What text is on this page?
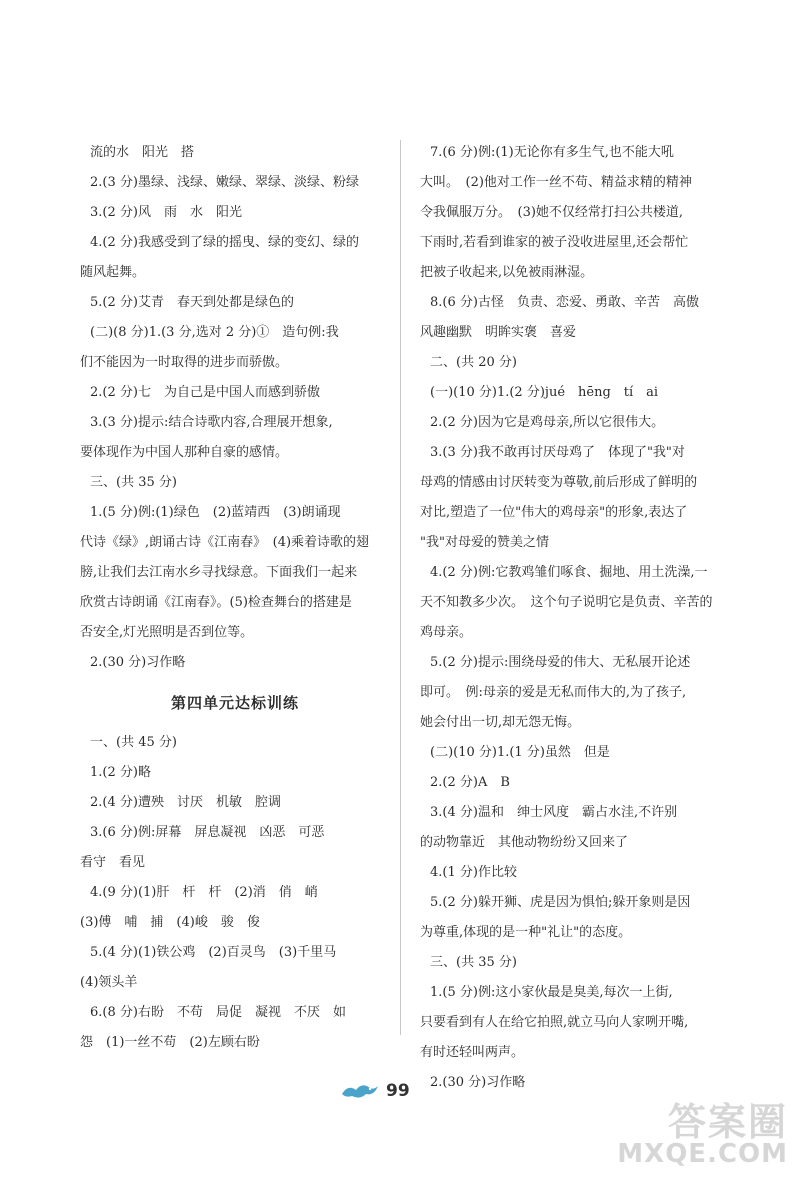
流的水　阳光　搭
2.(3 分)墨绿、浅绿、嫩绿、翠绿、淡绿、粉绿
3.(2 分)风　雨　水　阳光
4.(2 分)我感受到了绿的摇曳、绿的变幻、绿的
随风起舞。
5.(2 分)艾青　春天到处都是绿色的
(二)(8 分)1.(3 分,选对 2 分)①　造句例:我
们不能因为一时取得的进步而骄傲。
2.(2 分)七　为自己是中国人而感到骄傲
3.(3 分)提示:结合诗歌内容,合理展开想象,
要体现作为中国人那种自豪的感情。
三、(共 35 分)
1.(5 分)例:(1)绿色　(2)蓝靖西　(3)朗诵现
代诗《绿》,朗诵古诗《江南春》　(4)乘着诗歌的翅
膀,让我们去江南水乡寻找绿意。下面我们一起来
欣赏古诗朗诵《江南春》。(5)检查舞台的搭建是
否安全,灯光照明是否到位等。
2.(30 分)习作略
第四单元达标训练
一、(共 45 分)
1.(2 分)略
2.(4 分)遭殃　讨厌　机敏　腔调
3.(6 分)例:屏幕　屏息凝视　凶恶　可恶
看守　看见
4.(9 分)(1)肝　杆　杆　(2)消　俏　峭
(3)傅　哺　捕　(4)峻　骏　俊
5.(4 分)(1)铁公鸡　(2)百灵鸟　(3)千里马
(4)领头羊
6.(8 分)右盼　不苟　局促　凝视　不厌　如
怨　(1)一丝不苟　(2)左顾右盼
7.(6 分)例:(1)无论你有多生气,也不能大吼
大叫。　(2)他对工作一丝不苟、精益求精的精神
令我佩服万分。　(3)她不仅经常打扫公共楼道,
下雨时,若看到谁家的被子没收进屋里,还会帮忙
把被子收起来,以免被雨淋湿。
8.(6 分)古怪　负责、恋爱、勇敢、辛苦　高傲
风趣幽默　明眸实褒　喜爱
二、(共 20 分)
(一)(10 分)1.(2 分)jué　hēng　tí　ai
2.(2 分)因为它是鸡母亲,所以它很伟大。
3.(3 分)我不敢再讨厌母鸡了　体现了"我"对
母鸡的情感由讨厌转变为尊敬,前后形成了鲜明的
对比,塑造了一位"伟大的鸡母亲"的形象,表达了
"我"对母爱的赞美之情
4.(2 分)例:它教鸡雏们啄食、掘地、用土洗澡,一
天不知教多少次。　这个句子说明它是负责、辛苦的
鸡母亲。
5.(2 分)提示:围绕母爱的伟大、无私展开论述
即可。　例:母亲的爱是无私而伟大的,为了孩子,
她会付出一切,却无怨无悔。
(二)(10 分)1.(1 分)虽然　但是
2.(2 分)A　B
3.(4 分)温和　绅士风度　霸占水洼,不许别
的动物靠近　其他动物纷纷又回来了
4.(1 分)作比较
5.(2 分)躲开狮、虎是因为惧怕;躲开象则是因
为尊重,体现的是一种"礼让"的态度。
三、(共 35 分)
1.(5 分)例:这小家伙最是臭美,每次一上街,
只要看到有人在给它拍照,就立马向人家咧开嘴,
有时还轻叫两声。
2.(30 分)习作略
99
答案圈
MXQE.COM
